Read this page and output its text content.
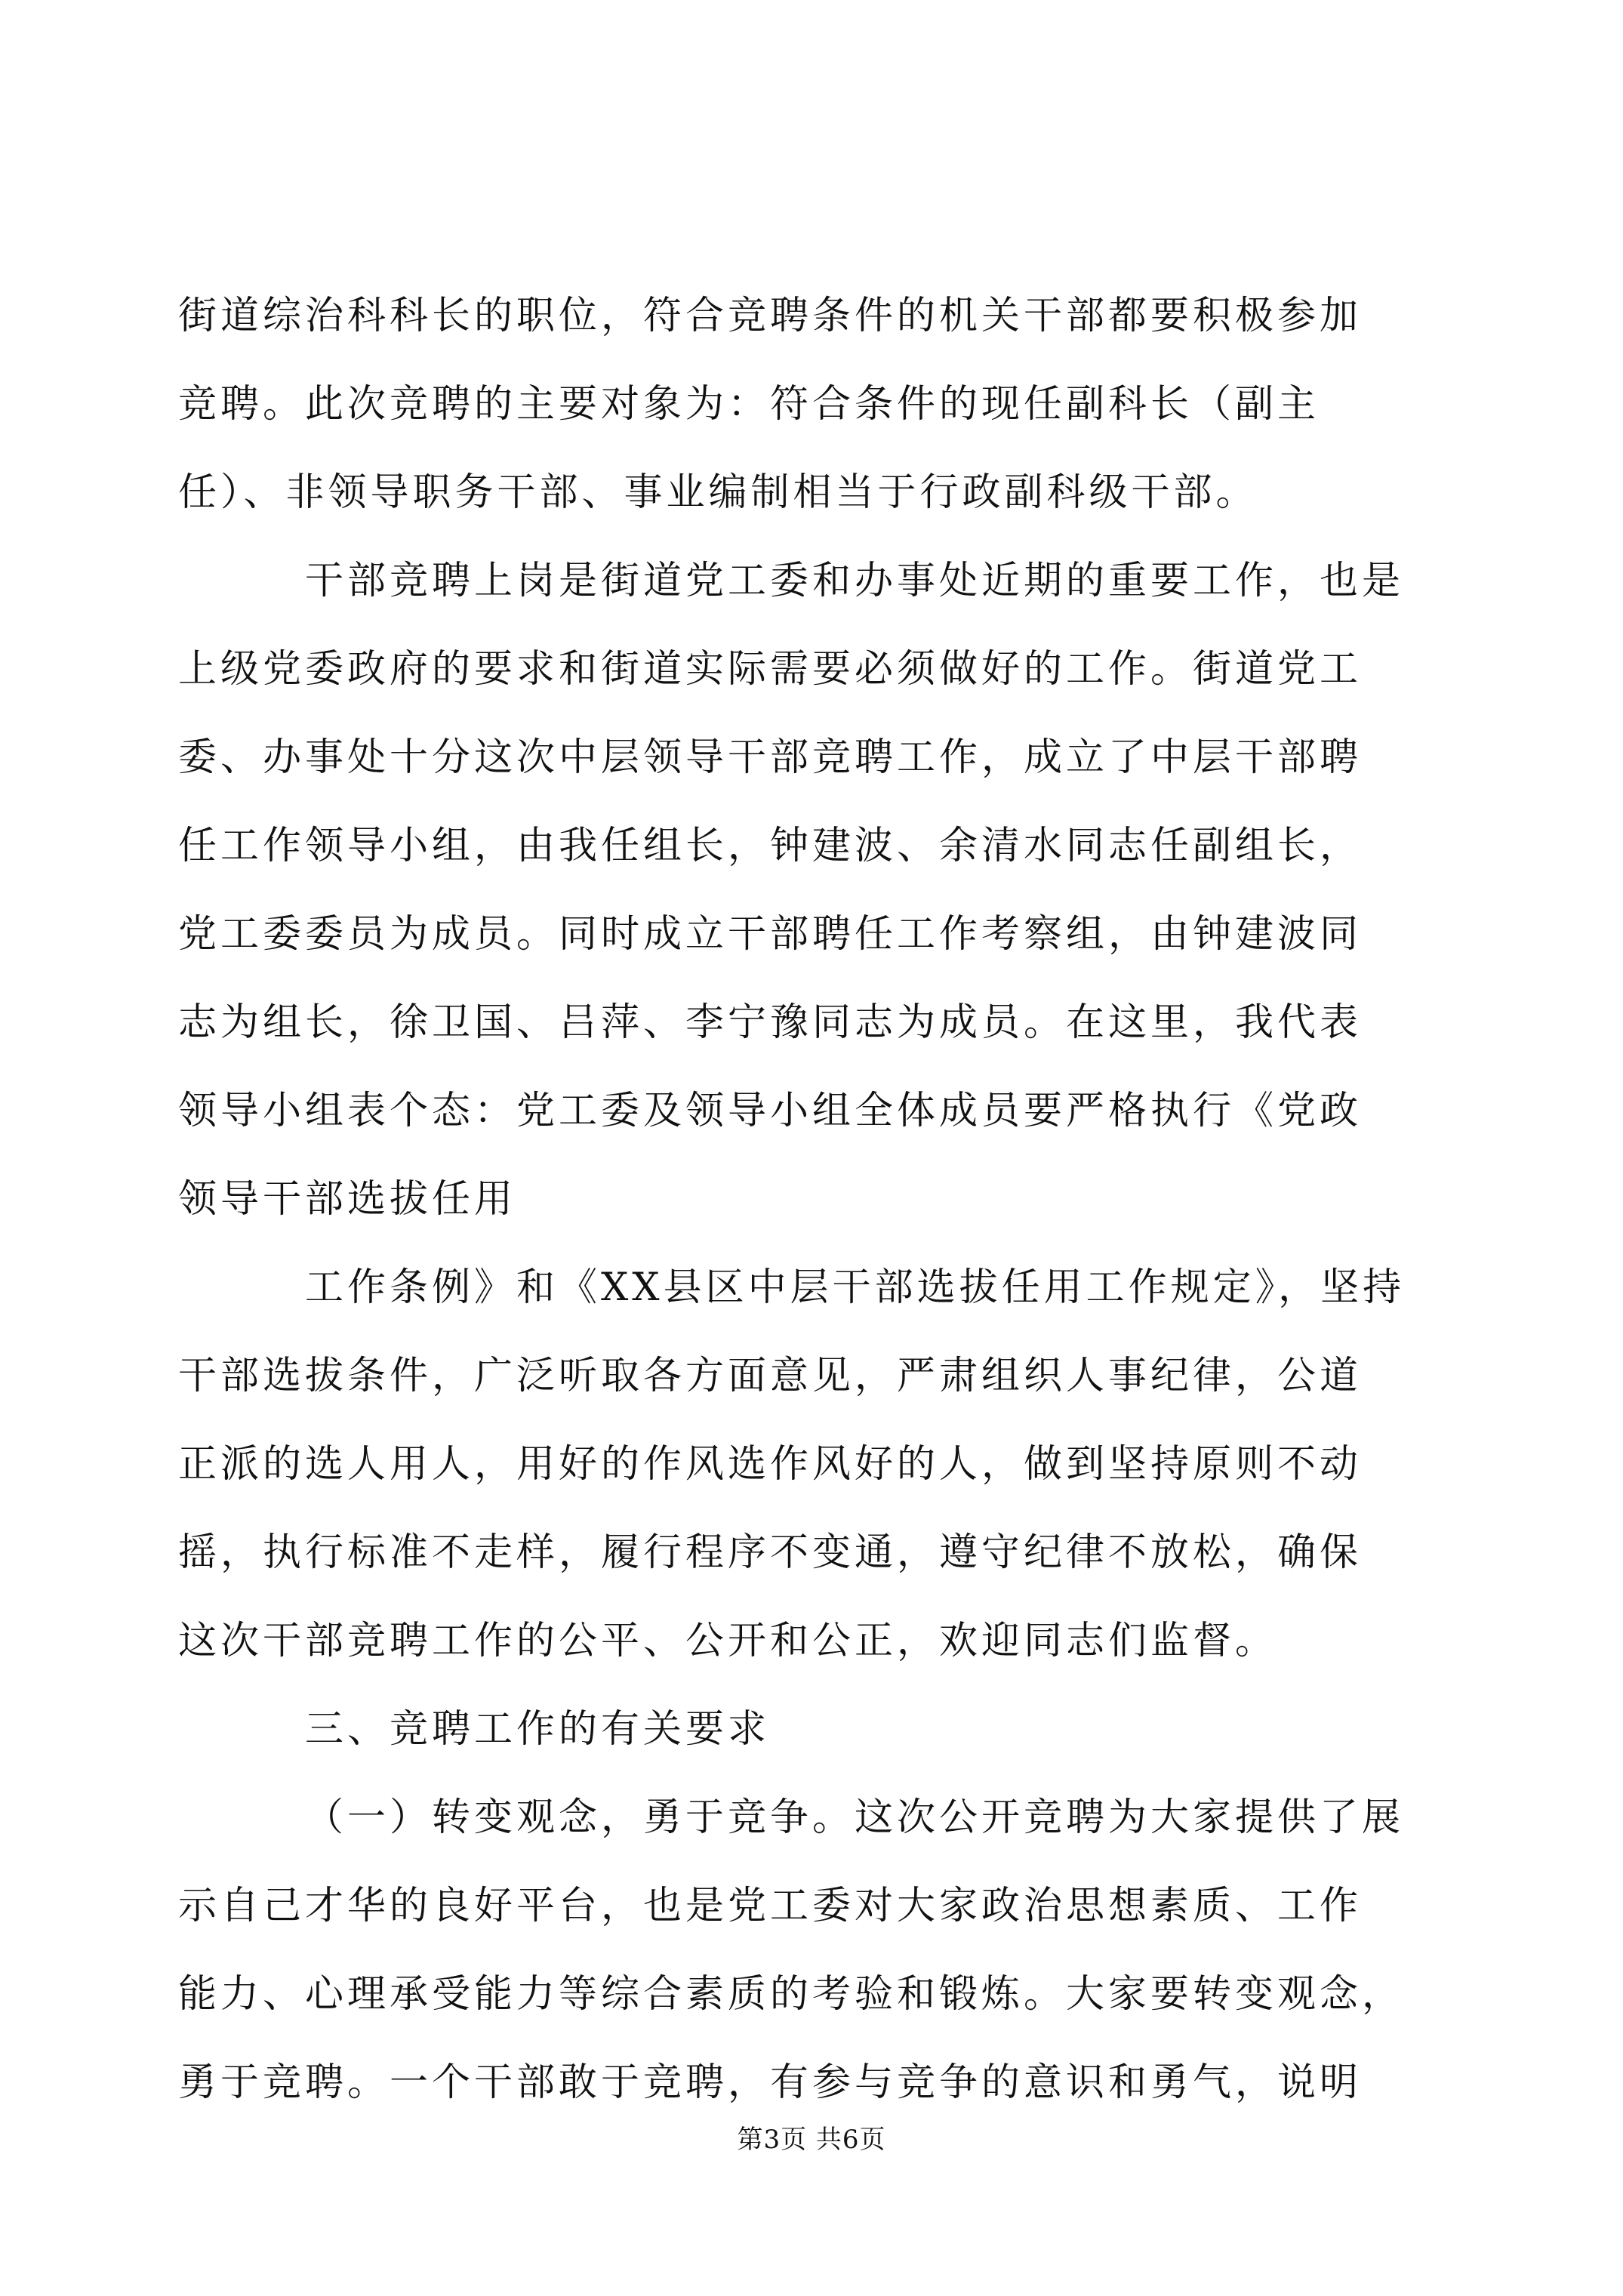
街道综治科科长的职位，符合竞聘条件的机关干部都要积极参加
竞聘。此次竞聘的主要对象为：符合条件的现任副科长（副主
任）、非领导职务干部、事业编制相当于行政副科级干部。
干部竞聘上岗是街道党工委和办事处近期的重要工作，也是
上级党委政府的要求和街道实际需要必须做好的工作。街道党工
委、办事处十分这次中层领导干部竞聘工作，成立了中层干部聘
任工作领导小组，由我任组长，钟建波、余清水同志任副组长，
党工委委员为成员。同时成立干部聘任工作考察组，由钟建波同
志为组长，徐卫国、吕萍、李宁豫同志为成员。在这里，我代表
领导小组表个态：党工委及领导小组全体成员要严格执行《党政
领导干部选拔任用
工作条例》和《XX县区中层干部选拔任用工作规定》，坚持
干部选拔条件，广泛听取各方面意见，严肃组织人事纪律，公道
正派的选人用人，用好的作风选作风好的人，做到坚持原则不动
摇，执行标准不走样，履行程序不变通，遵守纪律不放松，确保
这次干部竞聘工作的公平、公开和公正，欢迎同志们监督。
三、竞聘工作的有关要求
（一）转变观念，勇于竞争。这次公开竞聘为大家提供了展
示自己才华的良好平台，也是党工委对大家政治思想素质、工作
能力、心理承受能力等综合素质的考验和锻炼。大家要转变观念，
勇于竞聘。一个干部敢于竞聘，有参与竞争的意识和勇气，说明
第3页 共6页
